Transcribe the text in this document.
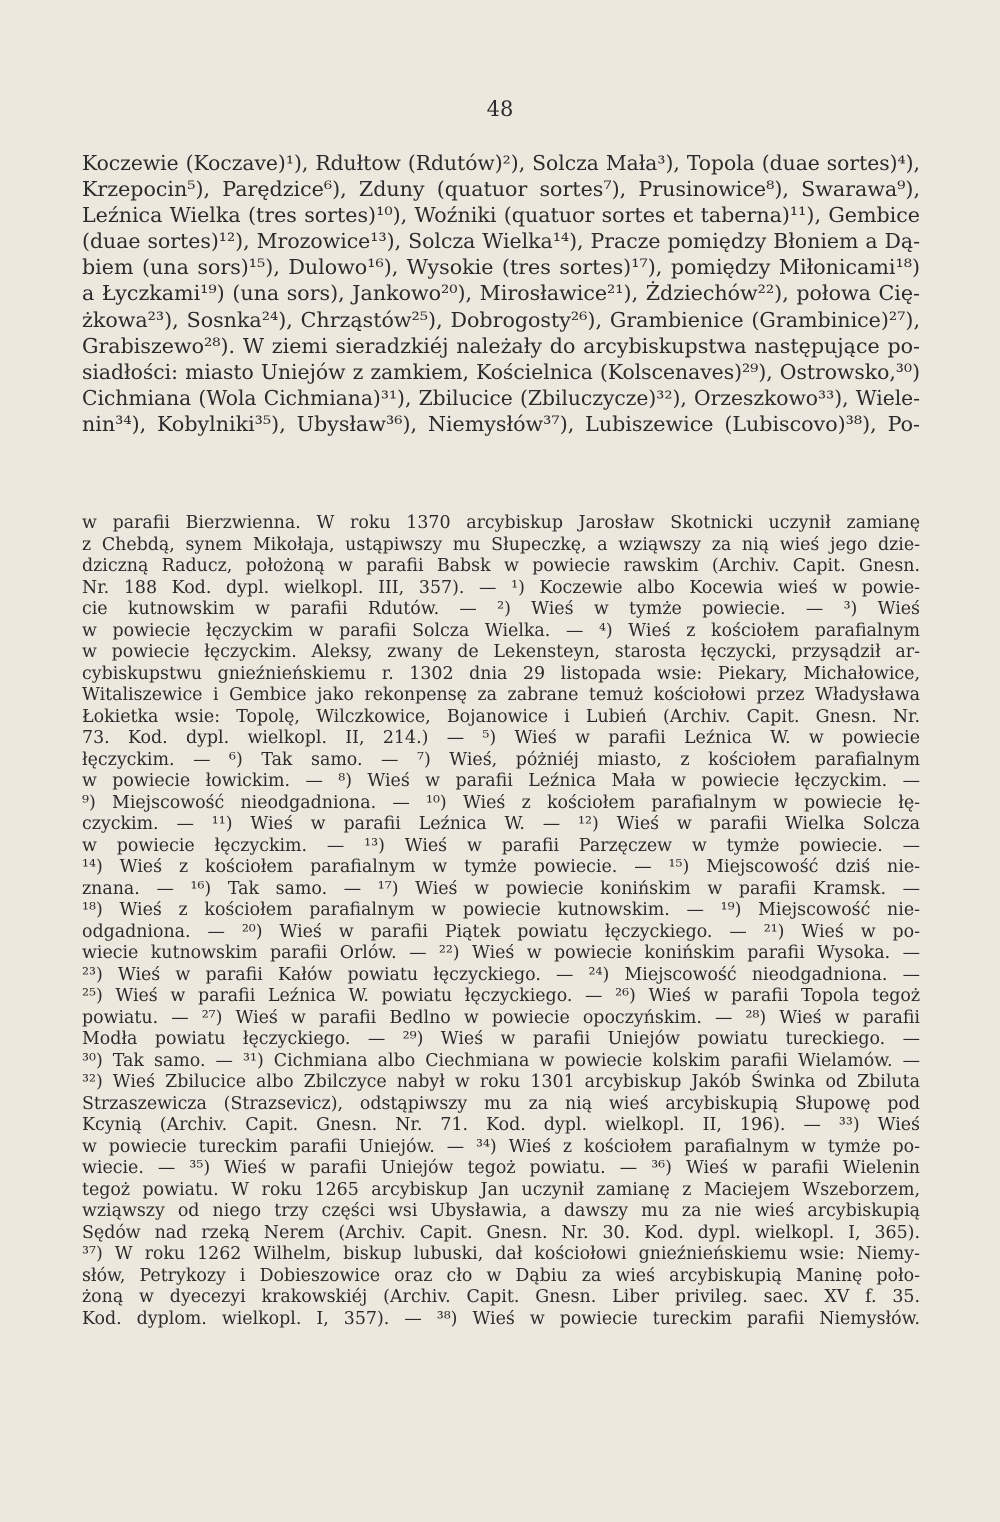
48
Koczewie (Koczave)¹), Rdułtow (Rdutów)²), Solcza Mała³), Topola (duae sortes)⁴),
Krzepocin⁵), Parędzice⁶), Zduny (quatuor sortes⁷), Prusinowice⁸), Swarawa⁹),
Leźnica Wielka (tres sortes)¹⁰), Woźniki (quatuor sortes et taberna)¹¹), Gembice
(duae sortes)¹²), Mrozowice¹³), Solcza Wielka¹⁴), Pracze pomiędzy Błoniem a Dą-
biem (una sors)¹⁵), Dulowo¹⁶), Wysokie (tres sortes)¹⁷), pomiędzy Miłonicami¹⁸)
a Łyczkami¹⁹) (una sors), Jankowo²⁰), Mirosławice²¹), Żdziechów²²), połowa Cię-
żkowa²³), Sosnka²⁴), Chrząstów²⁵), Dobrogosty²⁶), Grambienice (Grambinice)²⁷),
Grabiszewo²⁸). W ziemi sieradzkiéj należały do arcybiskupstwa następujące po-
siadłości: miasto Uniejów z zamkiem, Kościelnica (Kolscenaves)²⁹), Ostrowsko,³⁰)
Cichmiana (Wola Cichmiana)³¹), Zbilucice (Zbiluczycze)³²), Orzeszkowo³³), Wiele-
nin³⁴), Kobylniki³⁵), Ubysław³⁶), Niemysłów³⁷), Lubiszewice (Lubiscovo)³⁸), Po-
w parafii Bierzwienna. W roku 1370 arcybiskup Jarosław Skotnicki uczynił zamianę
z Chebdą, synem Mikołaja, ustąpiwszy mu Słupeczkę, a wziąwszy za nią wieś jego dzie-
dziczną Raducz, położoną w parafii Babsk w powiecie rawskim (Archiv. Capit. Gnesn.
Nr. 188 Kod. dypl. wielkopl. III, 357). — ¹) Koczewie albo Kocewia wieś w powie-
cie kutnowskim w parafii Rdutów. — ²) Wieś w tymże powiecie. — ³) Wieś
w powiecie łęczyckim w parafii Solcza Wielka. — ⁴) Wieś z kościołem parafialnym
w powiecie łęczyckim. Aleksy, zwany de Lekensteyn, starosta łęczycki, przysądził ar-
cybiskupstwu gnieźnieńskiemu r. 1302 dnia 29 listopada wsie: Piekary, Michałowice,
Witaliszewice i Gembice jako rekonpensę za zabrane temuż kościołowi przez Władysława
Łokietka wsie: Topolę, Wilczkowice, Bojanowice i Lubień (Archiv. Capit. Gnesn. Nr.
73. Kod. dypl. wielkopl. II, 214.) — ⁵) Wieś w parafii Leźnica W. w powiecie
łęczyckim. — ⁶) Tak samo. — ⁷) Wieś, póżniéj miasto, z kościołem parafialnym
w powiecie łowickim. — ⁸) Wieś w parafii Leźnica Mała w powiecie łęczyckim. —
⁹) Miejscowość nieodgadniona. — ¹⁰) Wieś z kościołem parafialnym w powiecie łę-
czyckim. — ¹¹) Wieś w parafii Leźnica W. — ¹²) Wieś w parafii Wielka Solcza
w powiecie łęczyckim. — ¹³) Wieś w parafii Parzęczew w tymże powiecie. —
¹⁴) Wieś z kościołem parafialnym w tymże powiecie. — ¹⁵) Miejscowość dziś nie-
znana. — ¹⁶) Tak samo. — ¹⁷) Wieś w powiecie konińskim w parafii Kramsk. —
¹⁸) Wieś z kościołem parafialnym w powiecie kutnowskim. — ¹⁹) Miejscowość nie-
odgadniona. — ²⁰) Wieś w parafii Piątek powiatu łęczyckiego. — ²¹) Wieś w po-
wiecie kutnowskim parafii Orlów. — ²²) Wieś w powiecie konińskim parafii Wysoka. —
²³) Wieś w parafii Kałów powiatu łęczyckiego. — ²⁴) Miejscowość nieodgadniona. —
²⁵) Wieś w parafii Leźnica W. powiatu łęczyckiego. — ²⁶) Wieś w parafii Topola tegoż
powiatu. — ²⁷) Wieś w parafii Bedlno w powiecie opoczyńskim. — ²⁸) Wieś w parafii
Modła powiatu łęczyckiego. — ²⁹) Wieś w parafii Uniejów powiatu tureckiego. —
³⁰) Tak samo. — ³¹) Cichmiana albo Ciechmiana w powiecie kolskim parafii Wielamów. —
³²) Wieś Zbilucice albo Zbilczyce nabył w roku 1301 arcybiskup Jakób Świnka od Zbiluta
Strzaszewicza (Strazsevicz), odstąpiwszy mu za nią wieś arcybiskupią Słupowę pod
Kcynią (Archiv. Capit. Gnesn. Nr. 71. Kod. dypl. wielkopl. II, 196). — ³³) Wieś
w powiecie tureckim parafii Uniejów. — ³⁴) Wieś z kościołem parafialnym w tymże po-
wiecie. — ³⁵) Wieś w parafii Uniejów tegoż powiatu. — ³⁶) Wieś w parafii Wielenin
tegoż powiatu. W roku 1265 arcybiskup Jan uczynił zamianę z Maciejem Wszeborzem,
wziąwszy od niego trzy części wsi Ubysławia, a dawszy mu za nie wieś arcybiskupią
Sędów nad rzeką Nerem (Archiv. Capit. Gnesn. Nr. 30. Kod. dypl. wielkopl. I, 365).
³⁷) W roku 1262 Wilhelm, biskup lubuski, dał kościołowi gnieźnieńskiemu wsie: Niemy-
słów, Petrykozy i Dobieszowice oraz cło w Dąbiu za wieś arcybiskupią Maninę poło-
żoną w dyecezyi krakowskiéj (Archiv. Capit. Gnesn. Liber privileg. saec. XV f. 35.
Kod. dyplom. wielkopl. I, 357). — ³⁸) Wieś w powiecie tureckim parafii Niemysłów.
